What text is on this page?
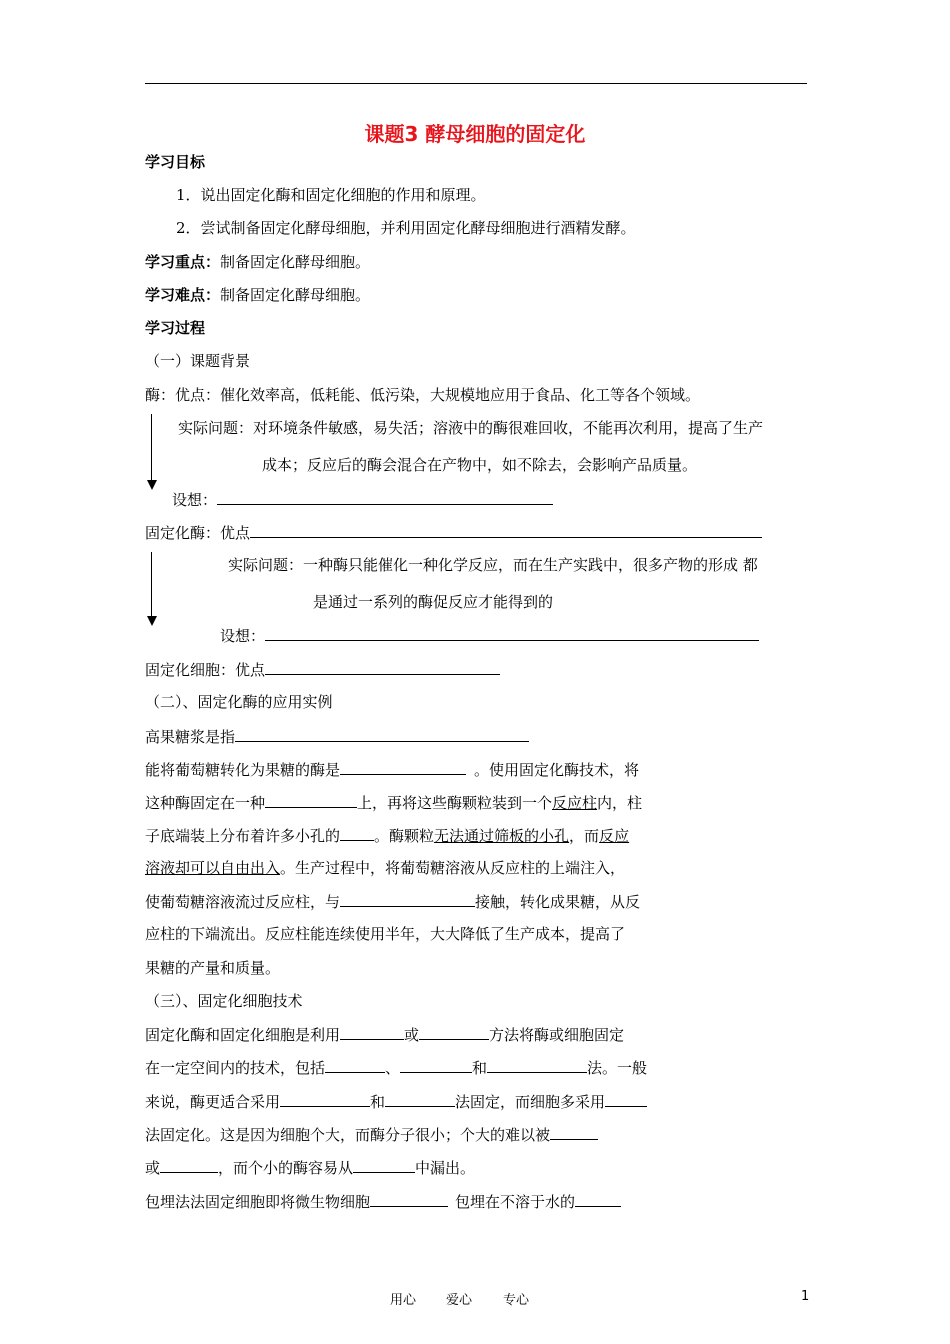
课题3 酵母细胞的固定化
学习目标
1．说出固定化酶和固定化细胞的作用和原理。
2．尝试制备固定化酵母细胞，并利用固定化酵母细胞进行酒精发酵。
学习重点：制备固定化酵母细胞。
学习难点：制备固定化酵母细胞。
学习过程
（一）课题背景
酶：优点：催化效率高，低耗能、低污染，大规模地应用于食品、化工等各个领域。
实际问题：对环境条件敏感，易失活；溶液中的酶很难回收，不能再次利用，提高了生产
成本；反应后的酶会混合在产物中，如不除去，会影响产品质量。
设想：
固定化酶：优点
实际问题：一种酶只能催化一种化学反应，而在生产实践中，很多产物的形成 都
是通过一系列的酶促反应才能得到的
设想：
固定化细胞：优点
（二）、固定化酶的应用实例
高果糖浆是指
能将葡萄糖转化为果糖的酶是	。使用固定化酶技术，将
这种酶固定在一种	上，再将这些酶颗粒装到一个反应柱内，柱
子底端装上分布着许多小孔的 。酶颗粒无法通过筛板的小孔，而反应
溶液却可以自由出入。生产过程中，将葡萄糖溶液从反应柱的上端注入，
使葡萄糖溶液流过反应柱，与	接触，转化成果糖，从反
应柱的下端流出。反应柱能连续使用半年，大大降低了生产成本，提高了
果糖的产量和质量。
（三）、固定化细胞技术
固定化酶和固定化细胞是利用	或	方法将酶或细胞固定
在一定空间内的技术，包括	、	和	法。一般
来说，酶更适合采用	和	法固定，而细胞多采用
法固定化。这是因为细胞个大，而酶分子很小；个大的难以被
或	，而个小的酶容易从	中漏出。
包埋法法固定细胞即将微生物细胞	包埋在不溶于水的
用心 爱心 专心	1
